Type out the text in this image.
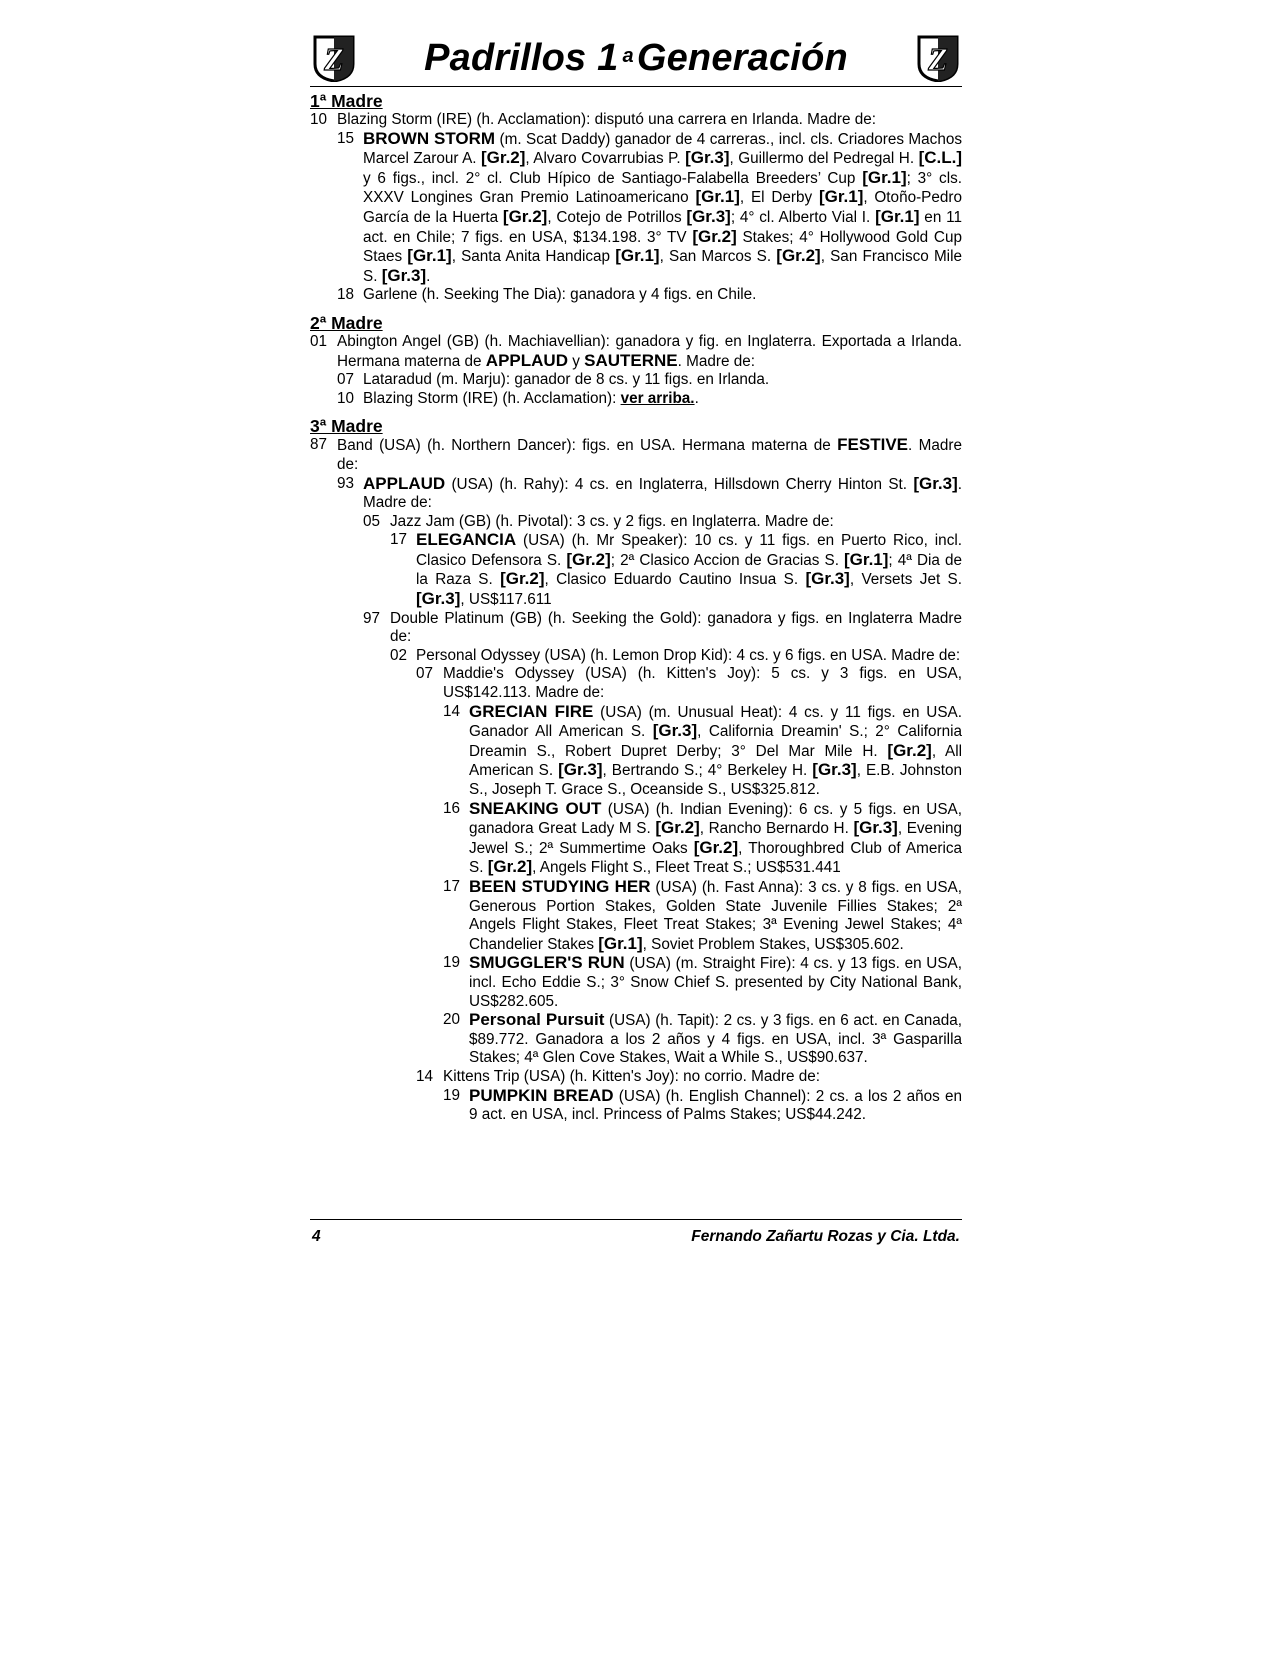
Z	Padrillos 1 $^a$Generación	Z
1ª Madre
10 Blazing Storm (IRE) (h. Acclamation): disputó una carrera en Irlanda. Madre de:
15 BROWN STORM (m. Scat Daddy) ganador de 4 carreras., incl. cls. Criadores Machos Marcel Zarour A. [Gr.2], Alvaro Covarrubias P. [Gr.3], Guillermo del Pedregal H. [C.L.] y 6 figs., incl. 2° cl. Club Hípico de Santiago-Falabella Breeders’ Cup [Gr.1]; 3° cls. XXXV Longines Gran Premio Latinoamericano [Gr.1], El Derby [Gr.1], Otoño-Pedro García de la Huerta [Gr.2], Cotejo de Potrillos [Gr.3]; 4° cl. Alberto Vial I. [Gr.1] en 11 act. en Chile; 7 figs. en USA, $134.198. 3° TV [Gr.2] Stakes; 4° Hollywood Gold Cup Staes [Gr.1], Santa Anita Handicap [Gr.1], San Marcos S. [Gr.2], San Francisco Mile S. [Gr.3].
18 Garlene (h. Seeking The Dia): ganadora y 4 figs. en Chile.
2ª Madre
01 Abington Angel (GB) (h. Machiavellian): ganadora y fig. en Inglaterra. Exportada a Irlanda. Hermana materna de APPLAUD y SAUTERNE. Madre de:
07 Lataradud (m. Marju): ganador de 8 cs. y 11 figs. en Irlanda.
10 Blazing Storm (IRE) (h. Acclamation): ver arriba..
3ª Madre
87 Band (USA) (h. Northern Dancer): figs. en USA. Hermana materna de FESTIVE. Madre de:
93 APPLAUD (USA) (h. Rahy): 4 cs. en Inglaterra, Hillsdown Cherry Hinton St. [Gr.3]. Madre de:
05 Jazz Jam (GB) (h. Pivotal): 3 cs. y 2 figs. en Inglaterra. Madre de:
17 ELEGANCIA (USA) (h. Mr Speaker): 10 cs. y 11 figs. en Puerto Rico, incl. Clasico Defensora S. [Gr.2]; 2ª Clasico Accion de Gracias S. [Gr.1]; 4ª Dia de la Raza S. [Gr.2], Clasico Eduardo Cautino Insua S. [Gr.3], Versets Jet S. [Gr.3], US$117.611
97 Double Platinum (GB) (h. Seeking the Gold): ganadora y figs. en Inglaterra Madre de:
02 Personal Odyssey (USA) (h. Lemon Drop Kid): 4 cs. y 6 figs. en USA. Madre de:
07 Maddie's Odyssey (USA) (h. Kitten's Joy): 5 cs. y 3 figs. en USA, US$142.113. Madre de:
14 GRECIAN FIRE (USA) (m. Unusual Heat): 4 cs. y 11 figs. en USA. Ganador All American S. [Gr.3], California Dreamin' S.; 2° California Dreamin S., Robert Dupret Derby; 3° Del Mar Mile H. [Gr.2], All American S. [Gr.3], Bertrando S.; 4° Berkeley H. [Gr.3], E.B. Johnston S., Joseph T. Grace S., Oceanside S., US$325.812.
16 SNEAKING OUT (USA) (h. Indian Evening): 6 cs. y 5 figs. en USA, ganadora Great Lady M S. [Gr.2], Rancho Bernardo H. [Gr.3], Evening Jewel S.; 2ª Summertime Oaks [Gr.2], Thoroughbred Club of America S. [Gr.2], Angels Flight S., Fleet Treat S.; US$531.441
17 BEEN STUDYING HER (USA) (h. Fast Anna): 3 cs. y 8 figs. en USA, Generous Portion Stakes, Golden State Juvenile Fillies Stakes; 2ª Angels Flight Stakes, Fleet Treat Stakes; 3ª Evening Jewel Stakes; 4ª Chandelier Stakes [Gr.1], Soviet Problem Stakes, US$305.602.
19 SMUGGLER'S RUN (USA) (m. Straight Fire): 4 cs. y 13 figs. en USA, incl. Echo Eddie S.; 3° Snow Chief S. presented by City National Bank, US$282.605.
20 Personal Pursuit (USA) (h. Tapit): 2 cs. y 3 figs. en 6 act. en Canada, $89.772. Ganadora a los 2 años y 4 figs. en USA, incl. 3ª Gasparilla Stakes; 4ª Glen Cove Stakes, Wait a While S., US$90.637.
14 Kittens Trip (USA) (h. Kitten's Joy): no corrio. Madre de:
19 PUMPKIN BREAD (USA) (h. English Channel): 2 cs. a los 2 años en 9 act. en USA, incl. Princess of Palms Stakes; US$44.242.
4	Fernando Zañartu Rozas y Cia. Ltda.
